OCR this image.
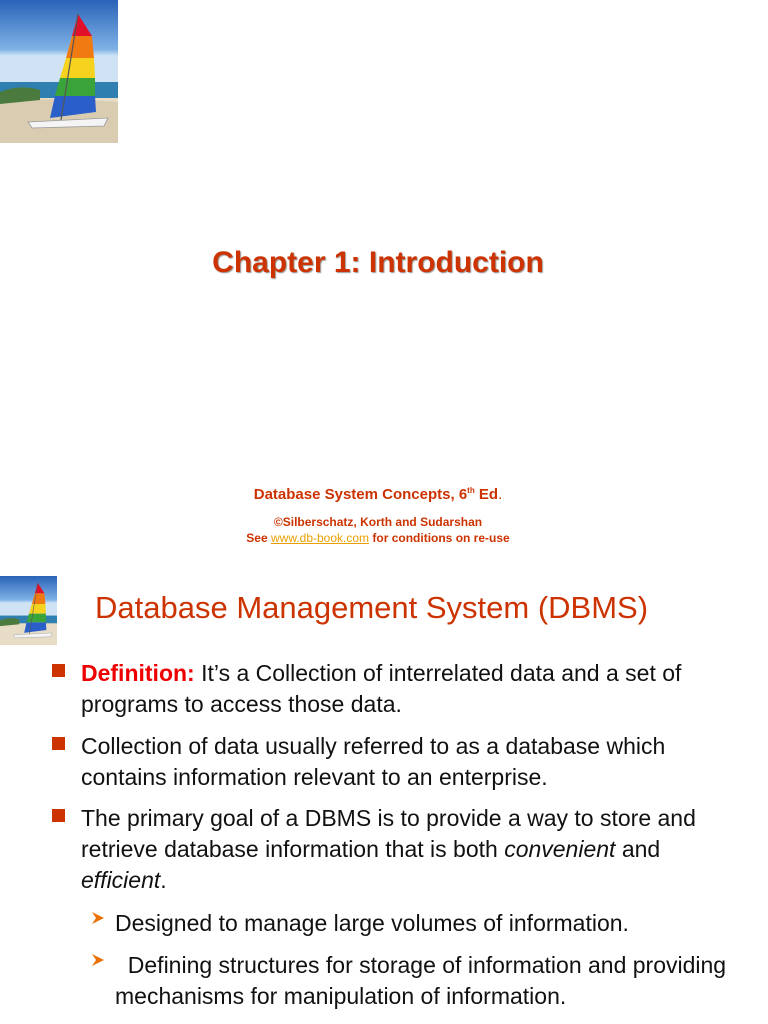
Chapter 1: Introduction
Database System Concepts, 6th Ed.
©Silberschatz, Korth and Sudarshan
See www.db-book.com for conditions on re-use
Database Management System (DBMS)

Definition: It’s a Collection of interrelated data and a set of programs to access those data.

Collection of data usually referred to as a database which contains information relevant to an enterprise.

The primary goal of a DBMS is to provide a way to store and retrieve database information that is both convenient and efficient.

Designed to manage large volumes of information.

Defining structures for storage of information and providing mechanisms for manipulation of information.
